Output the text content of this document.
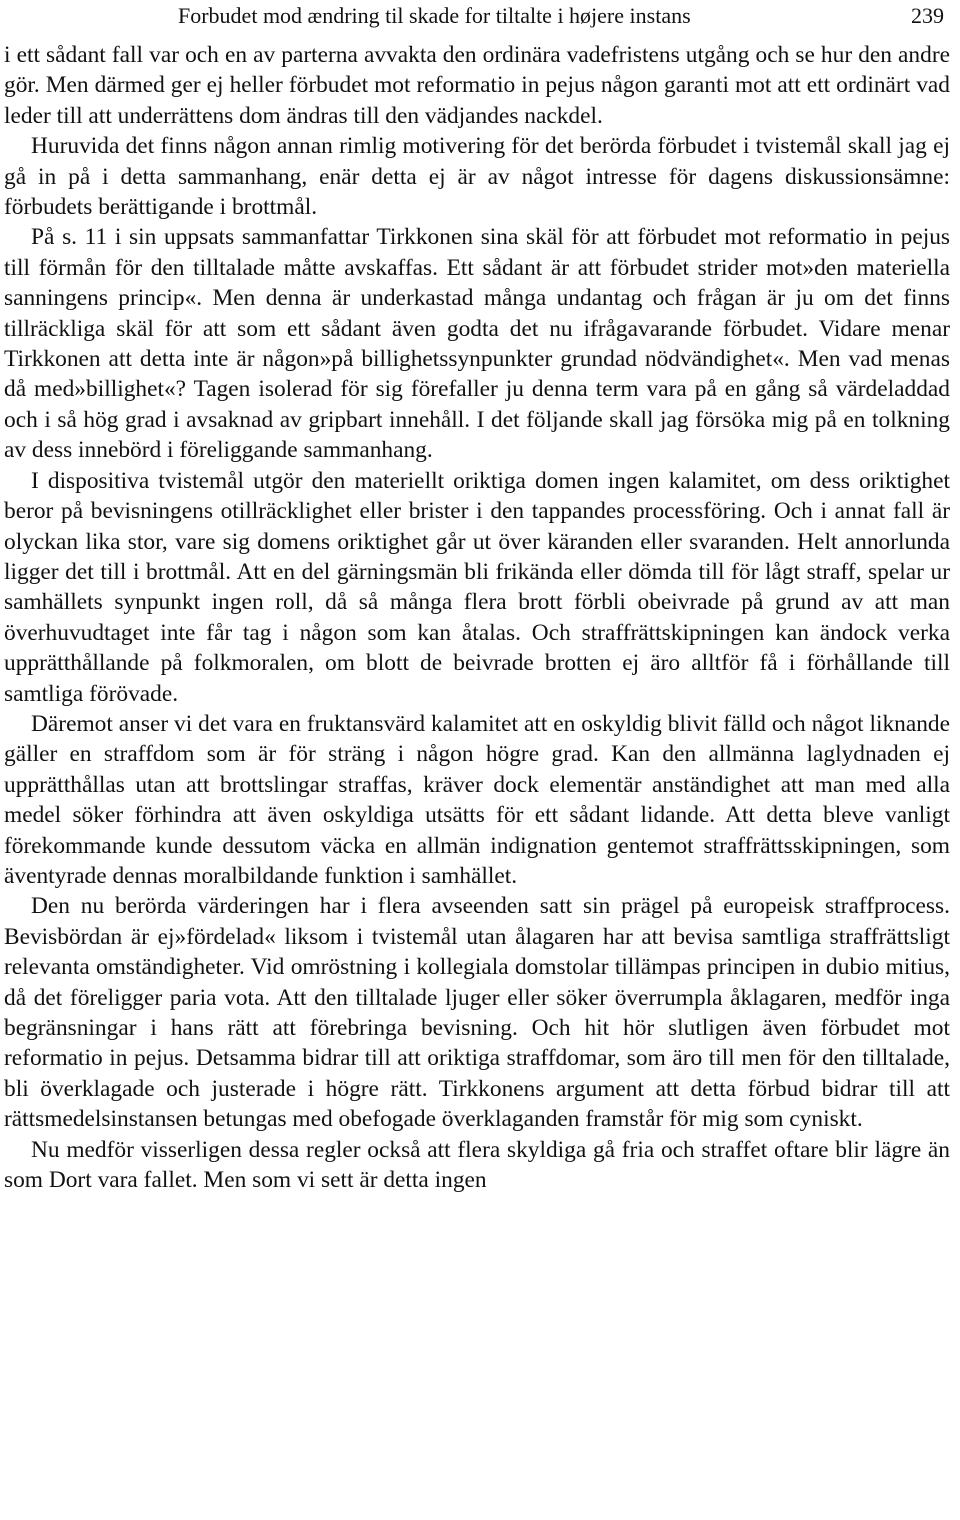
Forbudet mod ændring til skade for tiltalte i højere instans	239

i ett sådant fall var och en av parterna avvakta den ordinära vadefristens utgång och se hur den andre gör. Men därmed ger ej heller förbudet mot reformatio in pejus någon garanti mot att ett ordinärt vad leder till att underrättens dom ändras till den vädjandes nackdel.

Huruvida det finns någon annan rimlig motivering för det berörda förbudet i tvistemål skall jag ej gå in på i detta sammanhang, enär detta ej är av något intresse för dagens diskussionsämne: förbudets berättigande i brottmål.

På s. 11 i sin uppsats sammanfattar Tirkkonen sina skäl för att förbudet mot reformatio in pejus till förmån för den tilltalade måtte avskaffas. Ett sådant är att förbudet strider mot»den materiella sanningens princip«. Men denna är underkastad många undantag och frågan är ju om det finns tillräckliga skäl för att som ett sådant även godta det nu ifrågavarande förbudet. Vidare menar Tirkkonen att detta inte är någon»på billighetssynpunkter grundad nödvändighet«. Men vad menas då med»billighet«? Tagen isolerad för sig förefaller ju denna term vara på en gång så värdeladdad och i så hög grad i avsaknad av gripbart innehåll. I det följande skall jag försöka mig på en tolkning av dess innebörd i föreliggande sammanhang.

I dispositiva tvistemål utgör den materiellt oriktiga domen ingen kalamitet, om dess oriktighet beror på bevisningens otillräcklighet eller brister i den tappandes processföring. Och i annat fall är olyckan lika stor, vare sig domens oriktighet går ut över käranden eller svaranden. Helt annorlunda ligger det till i brottmål. Att en del gärningsmän bli frikända eller dömda till för lågt straff, spelar ur samhällets synpunkt ingen roll, då så många flera brott förbli obeivrade på grund av att man överhuvudtaget inte får tag i någon som kan åtalas. Och straffrättskipningen kan ändock verka upprätthållande på folkmoralen, om blott de beivrade brotten ej äro alltför få i förhållande till samtliga förövade.

Däremot anser vi det vara en fruktansvärd kalamitet att en oskyldig blivit fälld och något liknande gäller en straffdom som är för sträng i någon högre grad. Kan den allmänna laglydnaden ej upprätthållas utan att brottslingar straffas, kräver dock elementär anständighet att man med alla medel söker förhindra att även oskyldiga utsätts för ett sådant lidande. Att detta bleve vanligt förekommande kunde dessutom väcka en allmän indignation gentemot straffrättsskipningen, som äventyrade dennas moralbildande funktion i samhället.

Den nu berörda värderingen har i flera avseenden satt sin prägel på europeisk straffprocess. Bevisbördan är ej»fördelad« liksom i tvistemål utan ålagaren har att bevisa samtliga straffrättsligt relevanta omständigheter. Vid omröstning i kollegiala domstolar tillämpas principen in dubio mitius, då det föreligger paria vota. Att den tilltalade ljuger eller söker överrumpla åklagaren, medför inga begränsningar i hans rätt att förebringa bevisning. Och hit hör slutligen även förbudet mot reformatio in pejus. Detsamma bidrar till att oriktiga straffdomar, som äro till men för den tilltalade, bli överklagade och justerade i högre rätt. Tirkkonens argument att detta förbud bidrar till att rättsmedelsinstansen betungas med obefogade överklaganden framstår för mig som cyniskt.

Nu medför visserligen dessa regler också att flera skyldiga gå fria och straffet oftare blir lägre än som Dort vara fallet. Men som vi sett är detta ingen
